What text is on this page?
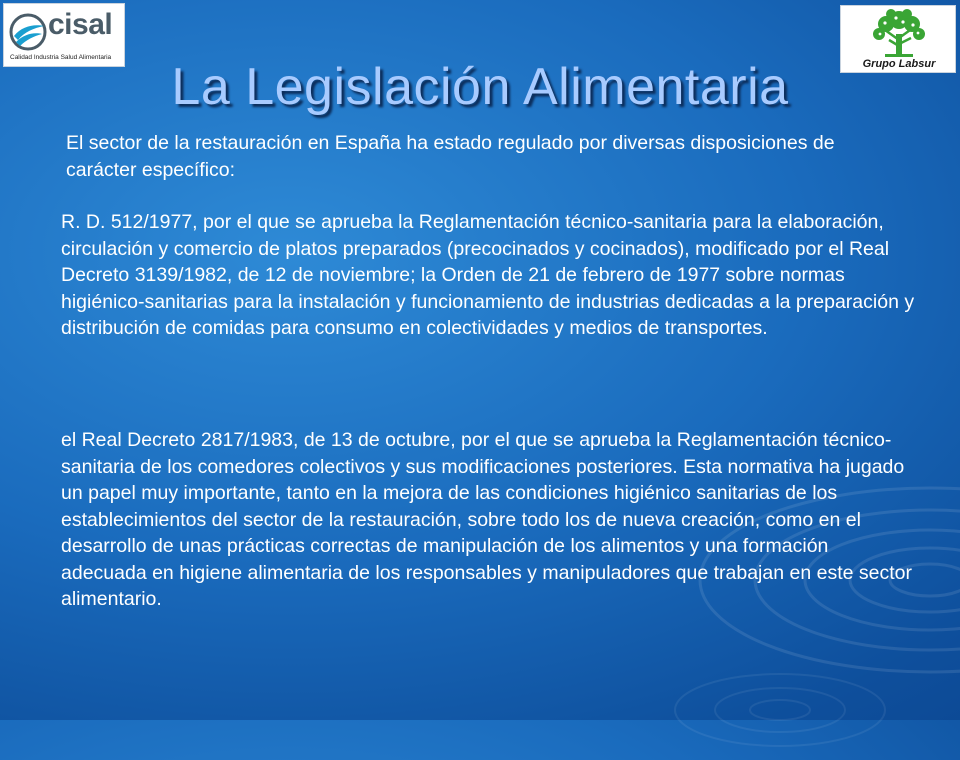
cisal
Calidad Industria Salud Alimentaria
Grupo Labsur
La Legislación Alimentaria
El sector de la restauración en España ha estado regulado por diversas disposiciones de carácter específico:
R. D. 512/1977, por el que se aprueba la Reglamentación técnico-sanitaria para la elaboración, circulación y comercio de platos preparados (precocinados y cocinados), modificado por el Real Decreto 3139/1982, de 12 de noviembre; la Orden de 21 de febrero de 1977 sobre normas higiénico-sanitarias para la instalación y funcionamiento de industrias dedicadas a la preparación y distribución de comidas para consumo en colectividades y medios de transportes.
el Real Decreto 2817/1983, de 13 de octubre, por el que se aprueba la Reglamentación técnico-sanitaria de los comedores colectivos y sus modificaciones posteriores. Esta normativa ha jugado un papel muy importante, tanto en la mejora de las condiciones higiénico sanitarias de los establecimientos del sector de la restauración, sobre todo los de nueva creación, como en el desarrollo de unas prácticas correctas de manipulación de los alimentos y una formación adecuada en higiene alimentaria de los responsables y manipuladores que trabajan en este sector alimentario.
